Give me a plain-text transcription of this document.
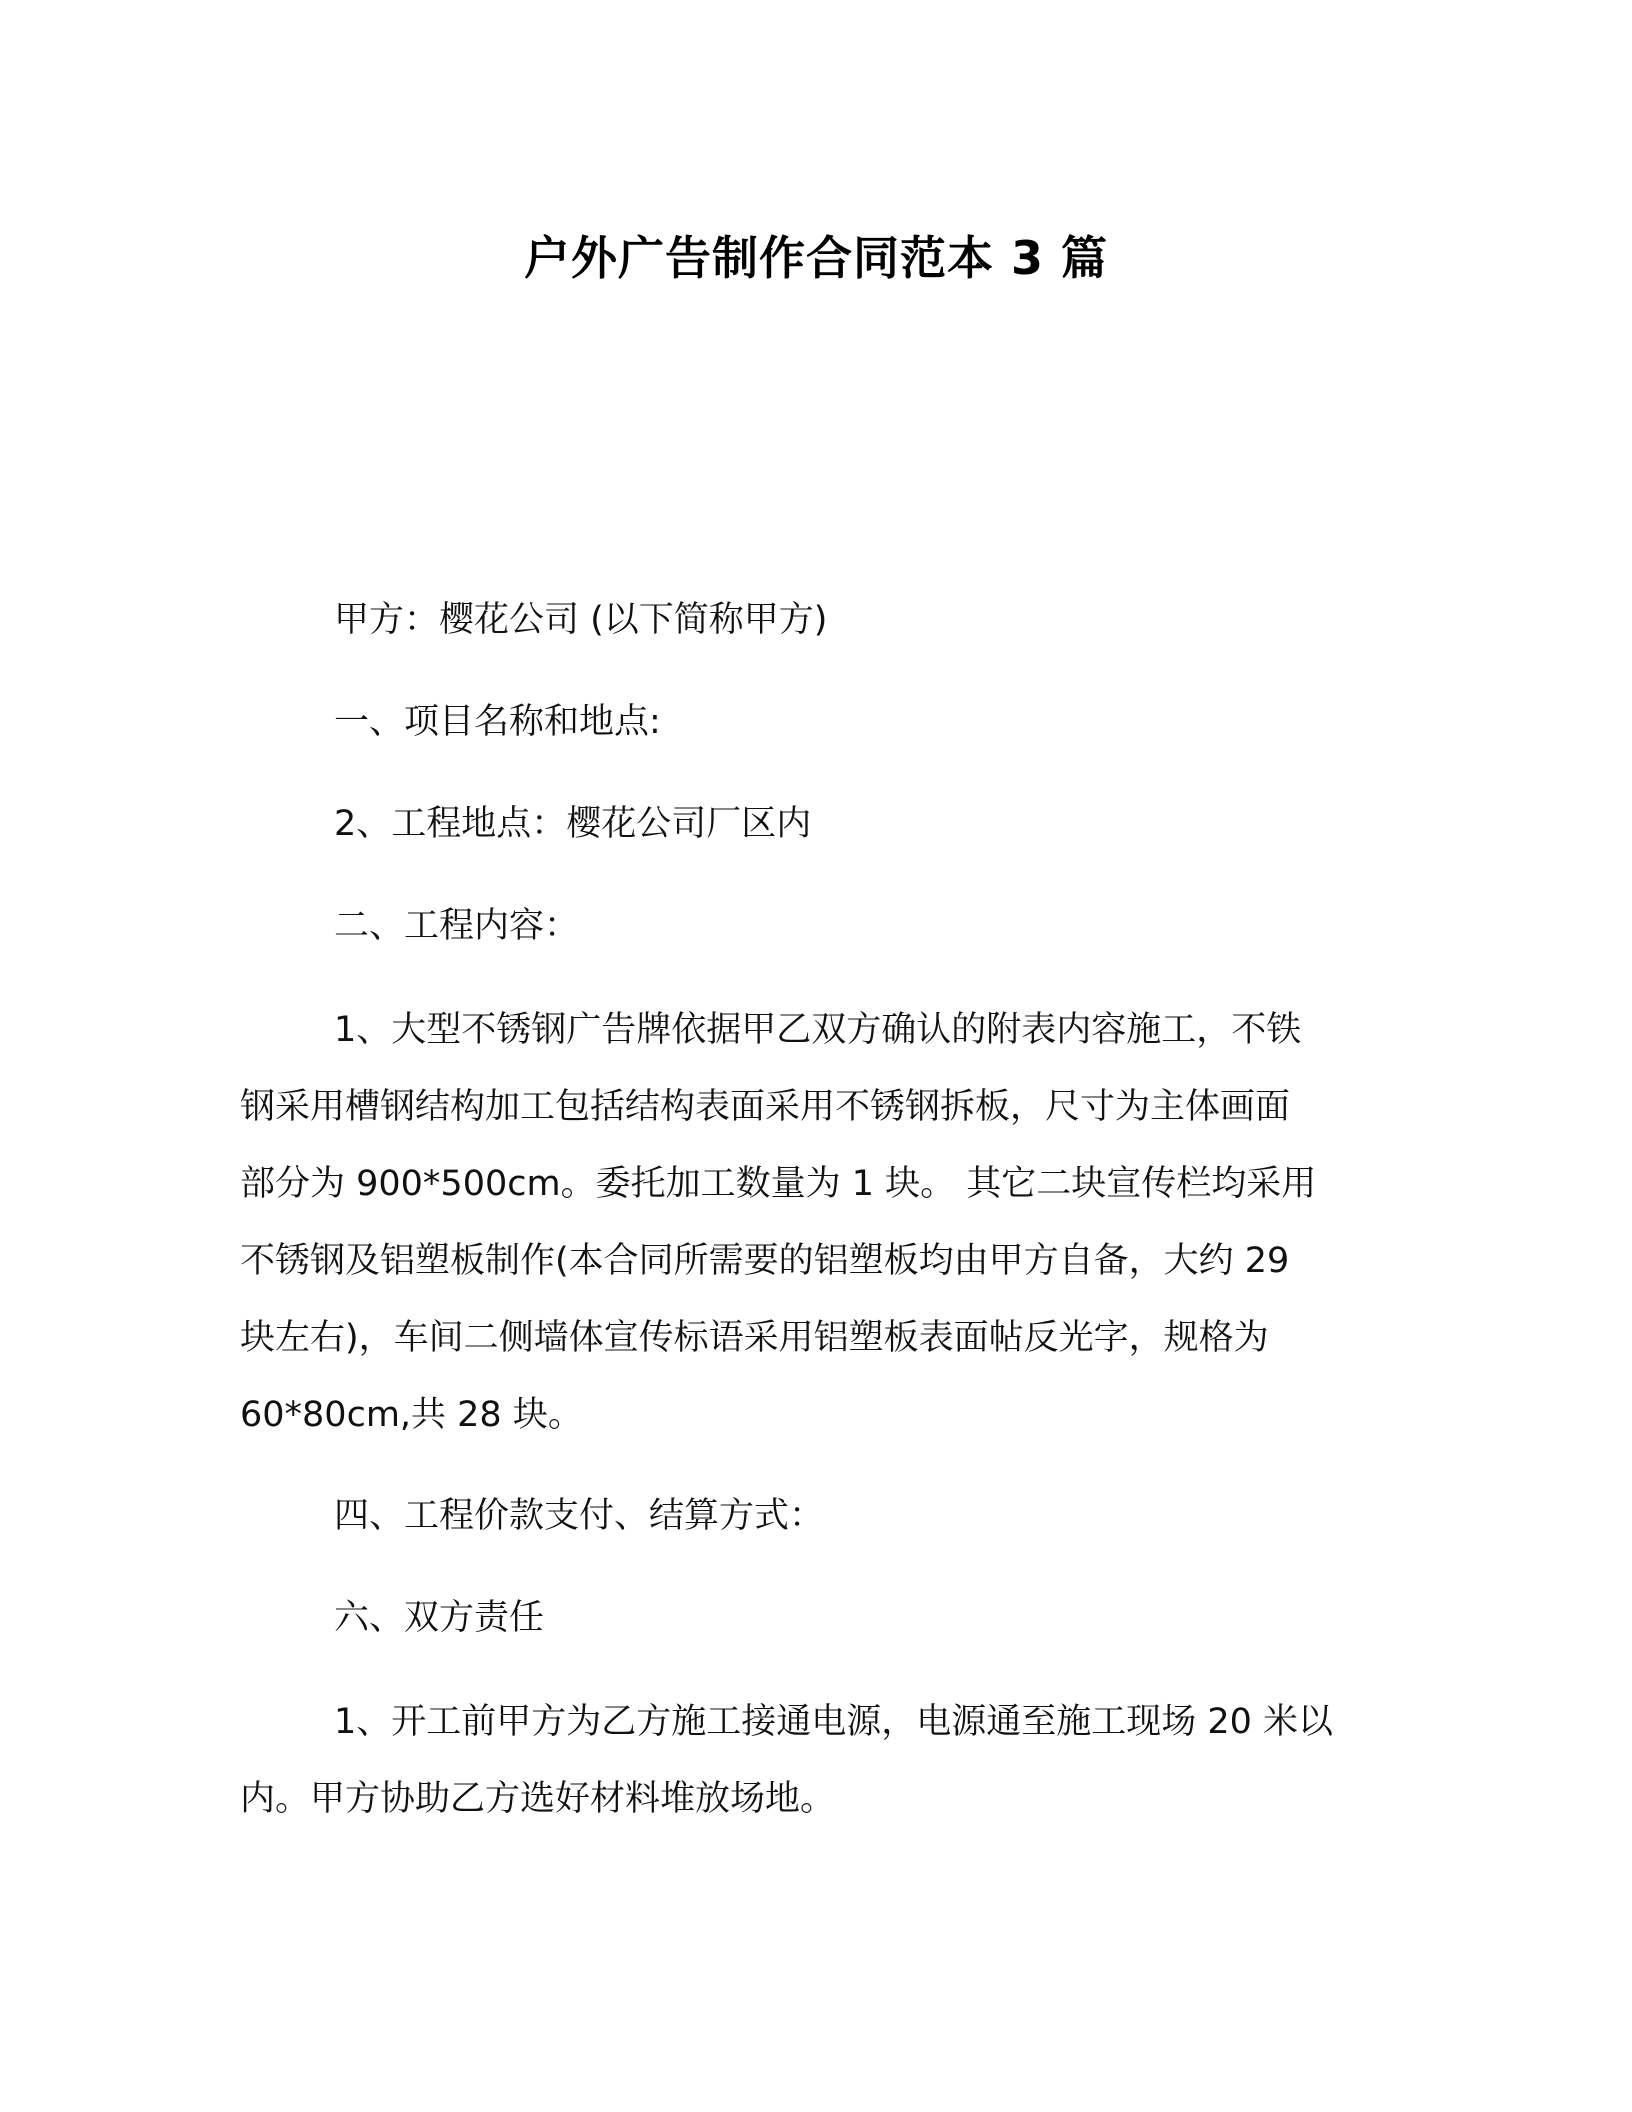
户外广告制作合同范本 3 篇

甲方：樱花公司 (以下简称甲方)

一、项目名称和地点:

2、工程地点：樱花公司厂区内

二、工程内容：

1、大型不锈钢广告牌依据甲乙双方确认的附表内容施工，不铁
钢采用槽钢结构加工包括结构表面采用不锈钢拆板，尺寸为主体画面
部分为 900*500cm。委托加工数量为 1 块。 其它二块宣传栏均采用
不锈钢及铝塑板制作(本合同所需要的铝塑板均由甲方自备，大约 29
块左右)，车间二侧墙体宣传标语采用铝塑板表面帖反光字，规格为
60*80cm,共 28 块。

四、工程价款支付、结算方式：

六、双方责任

1、开工前甲方为乙方施工接通电源，电源通至施工现场 20 米以
内。甲方协助乙方选好材料堆放场地。
